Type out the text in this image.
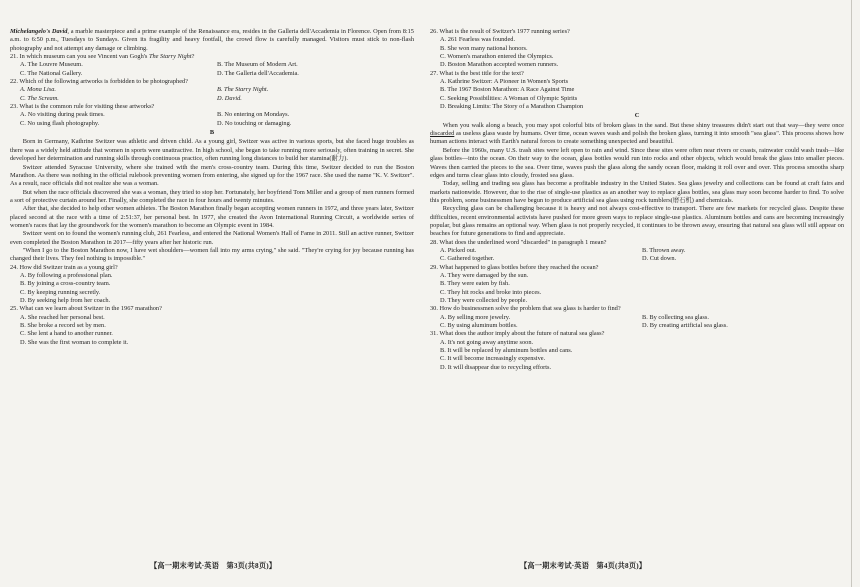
Michelangelo's David, a marble masterpiece and a prime example of the Renaissance era, resides in the Galleria dell'Accademia in Florence. Open from 8:15 a.m. to 6:50 p.m., Tuesdays to Sundays. Given its fragility and heavy footfall, the crowd flow is carefully managed. Visitors must stick to non-flash photography and not attempt any damage or climbing.

21. In which museum can you see Vincent van Gogh's The Starry Night?

A. The Louvre Museum.	B. The Museum of Modern Art.
C. The National Gallery.	D. The Galleria dell'Accademia.

22. Which of the following artworks is forbidden to be photographed?

A. Mona Lisa.	B. The Starry Night.
C. The Scream.	D. David.

23. What is the common rule for visiting these artworks?

A. No visiting during peak times.	B. No entering on Mondays.
C. No using flash photography.	D. No touching or damaging.
B

Born in Germany, Kathrine Switzer was athletic and driven child. As a young girl, Switzer was active in various sports, but she faced huge troubles as there was a widely held attitude that women in sports were unattractive. In high school, she began to take running more seriously, often training in secret. She developed her determination and running skills through continuous practice, often running long distances to build her stamina(耐力).

Switzer attended Syracuse University, where she trained with the men's cross-country team. During this time, Switzer decided to run the Boston Marathon. As there was nothing in the official rulebook preventing women from entering, she signed up for the 1967 race. She used the name "K. V. Switzer". As a result, race officials did not realize she was a woman.

But when the race officials discovered she was a woman, they tried to stop her. Fortunately, her boyfriend Tom Miller and a group of men runners formed a sort of protective curtain around her. Finally, she completed the race in four hours and twenty minutes.

After that, she decided to help other women athletes. The Boston Marathon finally began accepting women runners in 1972, and three years later, Switzer placed second at the race with a time of 2:51:37, her personal best. In 1977, she created the Avon International Running Circuit, a worldwide series of women's races that lay the groundwork for the women's marathon to become an Olympic event in 1984.

Switzer went on to found the women's running club, 261 Fearless, and entered the National Women's Hall of Fame in 2011. Still an active runner, Switzer even completed the Boston Marathon in 2017—fifty years after her historic run.

"When I go to the Boston Marathon now, I have wet shoulders—women fall into my arms crying," she said. "They're crying for joy because running has changed their lives. They feel nothing is impossible."

24. How did Switzer train as a young girl?

A. By following a professional plan.
B. By joining a cross-country team.
C. By keeping running secretly.
D. By seeking help from her coach.

25. What can we learn about Switzer in the 1967 marathon?

A. She reached her personal best.
B. She broke a record set by men.
C. She lent a hand to another runner.
D. She was the first woman to complete it.

26. What is the result of Switzer's 1977 running series?

A. 261 Fearless was founded.
B. She won many national honors.
C. Women's marathon entered the Olympics.
D. Boston Marathon accepted women runners.

27. What is the best title for the text?

A. Kathrine Switzer: A Pioneer in Women's Sports
B. The 1967 Boston Marathon: A Race Against Time
C. Seeking Possibilities: A Woman of Olympic Spirits
D. Breaking Limits: The Story of a Marathon Champion
C

When you walk along a beach, you may spot colorful bits of broken glass in the sand. But these shiny treasures didn't start out that way—they were once discarded as useless glass waste by humans. Over time, ocean waves wash and polish the broken glass, turning it into smooth "sea glass". This process shows how human actions interact with Earth's natural forces to create something unexpected and beautiful.

Before the 1960s, many U.S. trash sites were left open to rain and wind. Since these sites were often near rivers or coasts, rainwater could wash trash—like glass bottles—into the ocean. On their way to the ocean, glass bottles would run into rocks and other objects, which would break the glass into smaller pieces. Waves then carried the pieces to the sea. Over time, waves push the glass along the sandy ocean floor, making it roll over and over. This process smooths sharp edges and turns clear glass into cloudy, frosted sea glass.

Today, selling and trading sea glass has become a profitable industry in the United States. Sea glass jewelry and collections can be found at craft fairs and markets nationwide. However, due to the rise of single-use plastics as an another way to replace glass bottles, sea glass may soon become harder to find. To solve this problem, some businessmen have begun to produce artificial sea glass using rock tumblers(磨石机) and chemicals.

Recycling glass can be challenging because it is heavy and not always cost-effective to transport. There are few markets for recycled glass. Despite these difficulties, recent environmental activists have pushed for more green ways to replace single-use plastics. Aluminum bottles and cans are becoming increasingly popular, but glass remains an optional way. When glass is not properly recycled, it continues to be thrown away, ensuring that natural sea glass will still appear on beaches for future generations to find and appreciate.

28. What does the underlined word "discarded" in paragraph 1 mean?

A. Picked out.	B. Thrown away.
C. Gathered together.	D. Cut down.

29. What happened to glass bottles before they reached the ocean?

A. They were damaged by the sun.
B. They were eaten by fish.
C. They hit rocks and broke into pieces.
D. They were collected by people.

30. How do businessmen solve the problem that sea glass is harder to find?

A. By selling more jewelry.	B. By collecting sea glass.
C. By using aluminum bottles.	D. By creating artificial sea glass.

31. What does the author imply about the future of natural sea glass?

A. It's not going away anytime soon.
B. It will be replaced by aluminum bottles and cans.
C. It will become increasingly expensive.
D. It will disappear due to recycling efforts.
【高一期末考试·英语　第3页(共8页)】	【高一期末考试·英语　第4页(共8页)】
